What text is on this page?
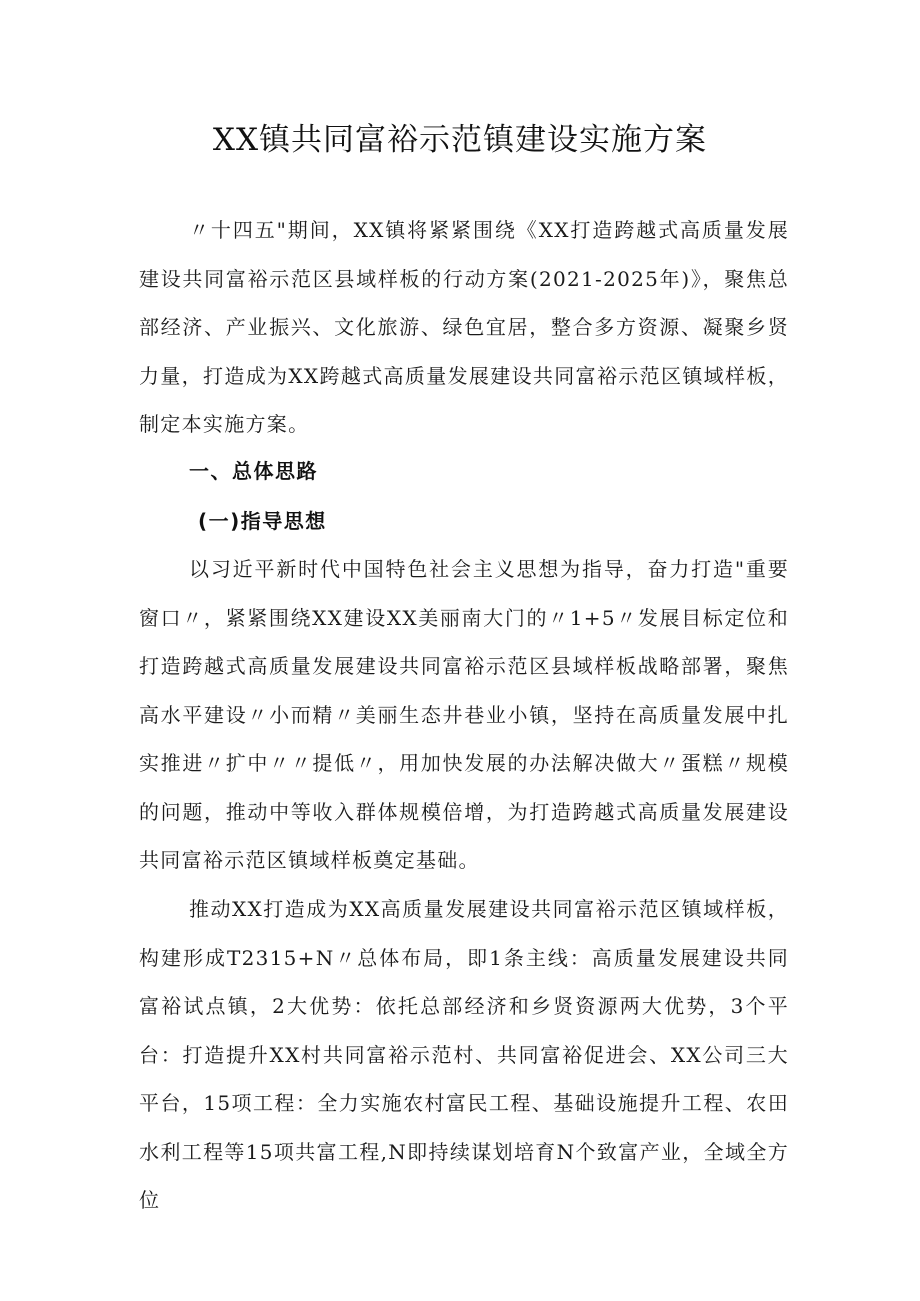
XX镇共同富裕示范镇建设实施方案

〃十四五"期间，XX镇将紧紧围绕《XX打造跨越式高质量发展建设共同富裕示范区县域样板的行动方案(2021-2025年)》，聚焦总部经济、产业振兴、文化旅游、绿色宜居，整合多方资源、凝聚乡贤力量，打造成为XX跨越式高质量发展建设共同富裕示范区镇域样板，制定本实施方案。

一、总体思路
(一)指导思想

以习近平新时代中国特色社会主义思想为指导，奋力打造"重要窗口〃，紧紧围绕XX建设XX美丽南大门的〃1+5〃发展目标定位和打造跨越式高质量发展建设共同富裕示范区县域样板战略部署，聚焦高水平建设〃小而精〃美丽生态井巷业小镇，坚持在高质量发展中扎实推进〃扩中〃〃提低〃，用加快发展的办法解决做大〃蛋糕〃规模的问题，推动中等收入群体规模倍增，为打造跨越式高质量发展建设共同富裕示范区镇域样板奠定基础。

推动XX打造成为XX高质量发展建设共同富裕示范区镇域样板，构建形成T2315+N〃总体布局，即1条主线：高质量发展建设共同富裕试点镇，2大优势：依托总部经济和乡贤资源两大优势，3个平台：打造提升XX村共同富裕示范村、共同富裕促进会、XX公司三大平台，15项工程：全力实施农村富民工程、基础设施提升工程、农田水利工程等15项共富工程,N即持续谋划培育N个致富产业，全域全方位
